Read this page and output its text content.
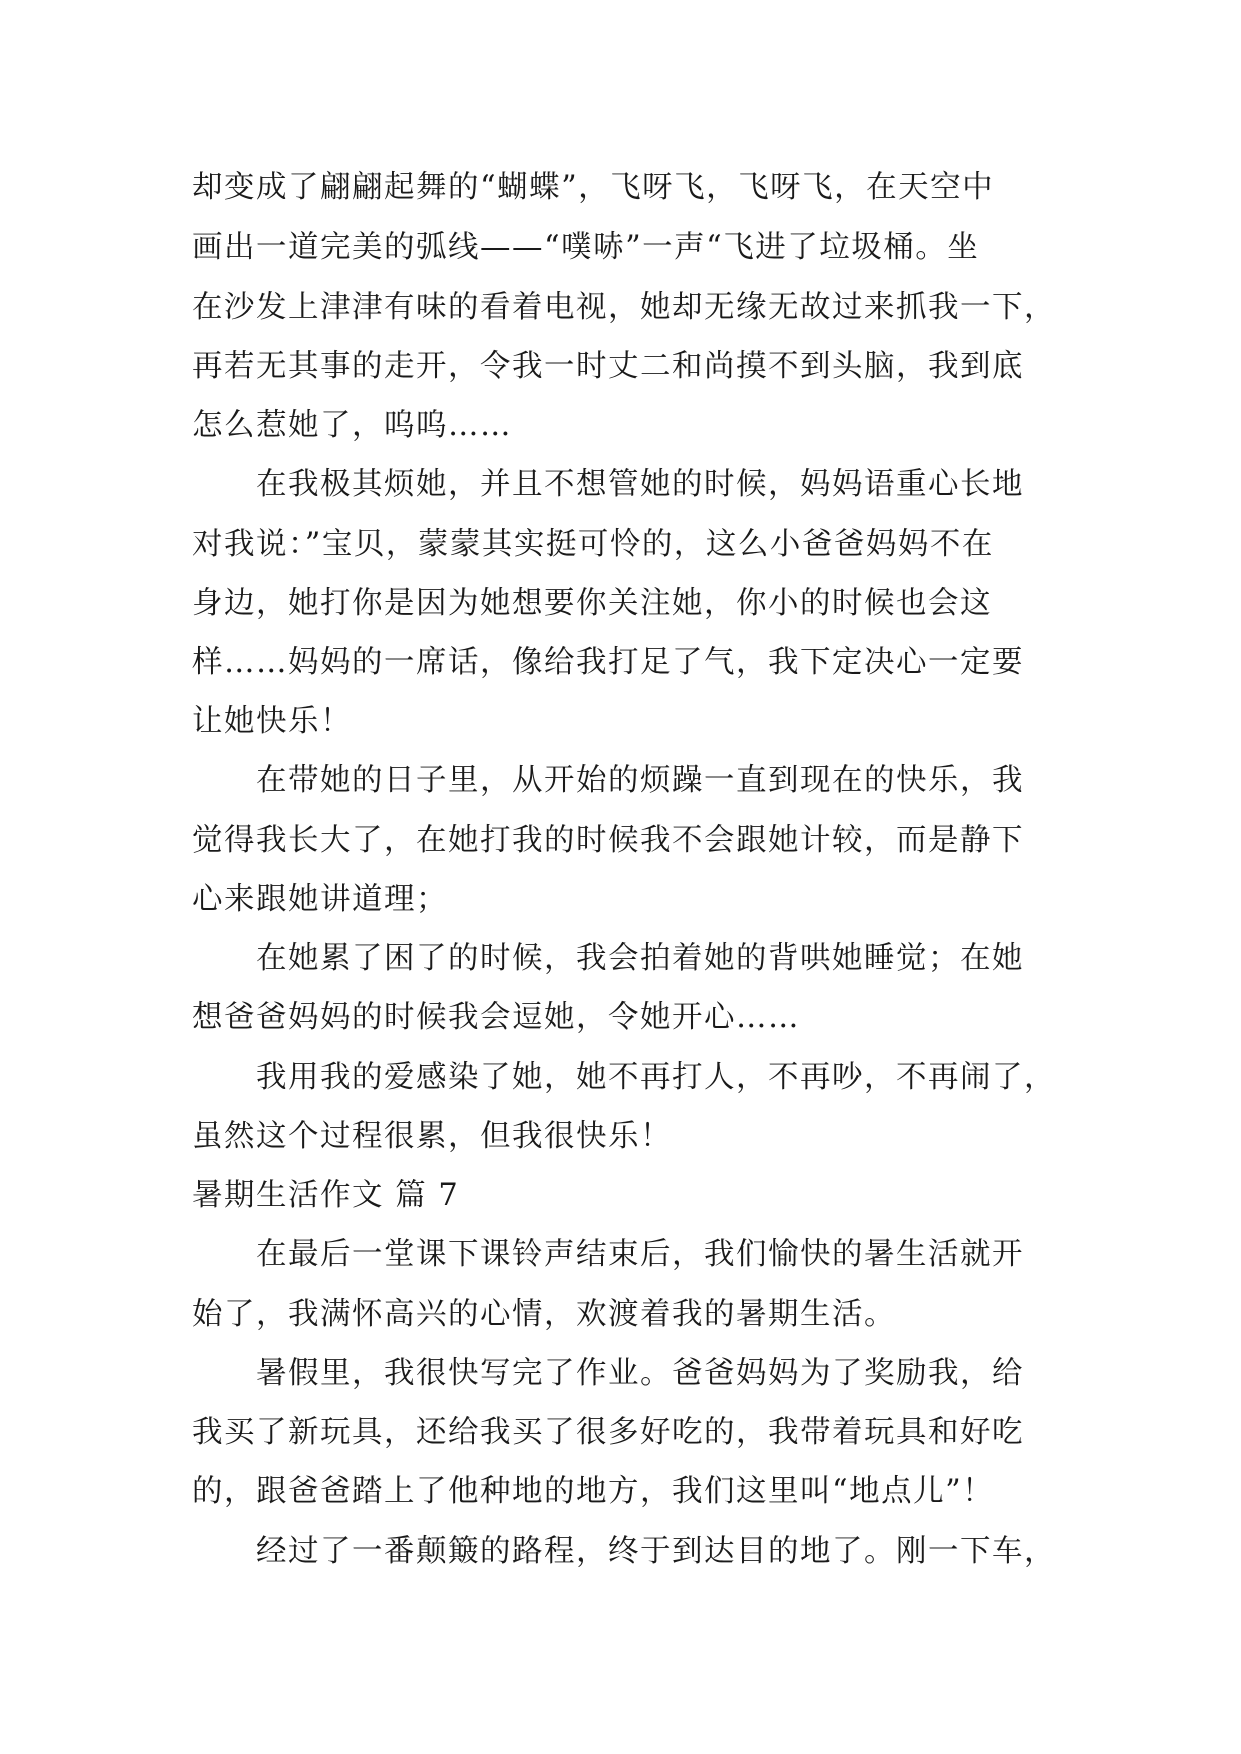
却变成了翩翩起舞的“蝴蝶”，飞呀飞，飞呀飞，在天空中
画出一道完美的弧线——“噗哧”一声“飞进了垃圾桶。坐
在沙发上津津有味的看着电视，她却无缘无故过来抓我一下，
再若无其事的走开，令我一时丈二和尚摸不到头脑，我到底
怎么惹她了，呜呜……
在我极其烦她，并且不想管她的时候，妈妈语重心长地
对我说：”宝贝，蒙蒙其实挺可怜的，这么小爸爸妈妈不在
身边，她打你是因为她想要你关注她，你小的时候也会这
样……妈妈的一席话，像给我打足了气，我下定决心一定要
让她快乐！
在带她的日子里，从开始的烦躁一直到现在的快乐，我
觉得我长大了，在她打我的时候我不会跟她计较，而是静下
心来跟她讲道理；
在她累了困了的时候，我会拍着她的背哄她睡觉；在她
想爸爸妈妈的时候我会逗她，令她开心……
我用我的爱感染了她，她不再打人，不再吵，不再闹了，
虽然这个过程很累，但我很快乐！
暑期生活作文 篇 7
在最后一堂课下课铃声结束后，我们愉快的暑生活就开
始了，我满怀高兴的心情，欢渡着我的暑期生活。
暑假里，我很快写完了作业。爸爸妈妈为了奖励我，给
我买了新玩具，还给我买了很多好吃的，我带着玩具和好吃
的，跟爸爸踏上了他种地的地方，我们这里叫“地点儿”！
经过了一番颠簸的路程，终于到达目的地了。刚一下车，
